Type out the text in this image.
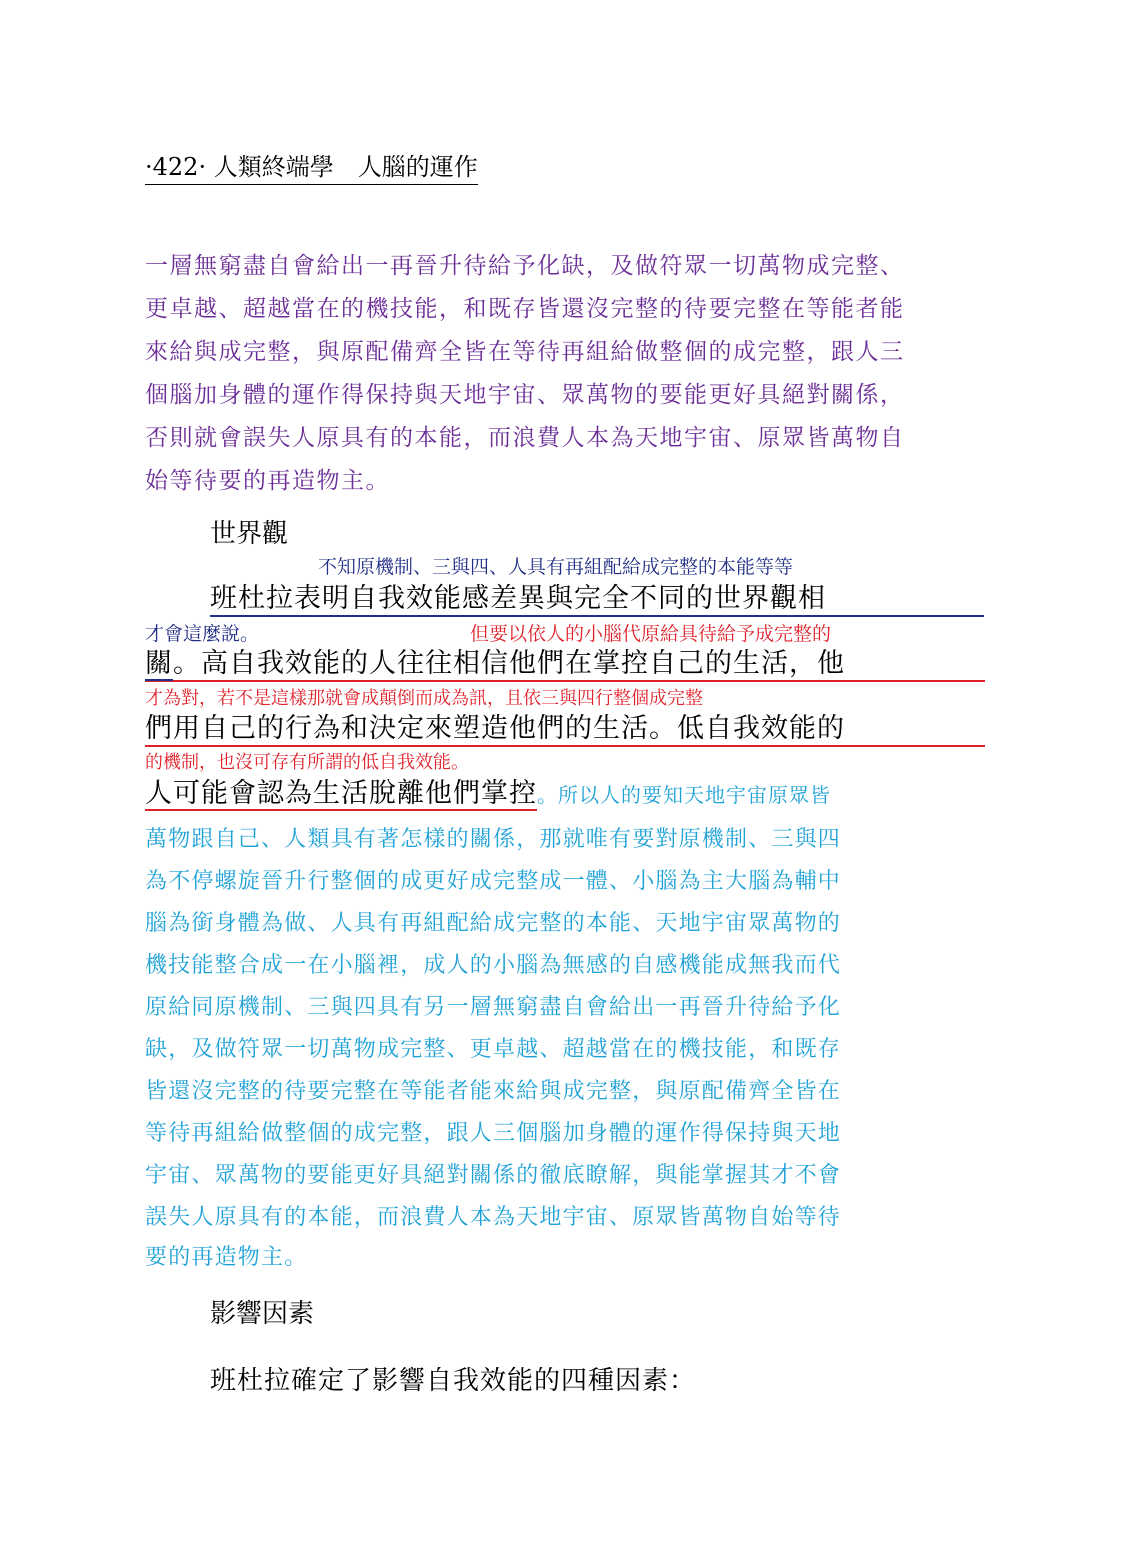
·422· 人類終端學　人腦的運作
一層無窮盡自會給出一再晉升待給予化缺，及做符眾一切萬物成完整、
更卓越、超越當在的機技能，和既存皆還沒完整的待要完整在等能者能
來給與成完整，與原配備齊全皆在等待再組給做整個的成完整，跟人三
個腦加身體的運作得保持與天地宇宙、眾萬物的要能更好具絕對關係，
否則就會誤失人原具有的本能，而浪費人本為天地宇宙、原眾皆萬物自
始等待要的再造物主。
世界觀
不知原機制、三與四、人具有再組配給成完整的本能等等
班杜拉表明自我效能感差異與完全不同的世界觀相
才會這麼說。	但要以依人的小腦代原給具待給予成完整的
關。高自我效能的人往往相信他們在掌控自己的生活，他
才為對，若不是這樣那就會成顛倒而成為訊，且依三與四行整個成完整
們用自己的行為和決定來塑造他們的生活。低自我效能的
的機制，也沒可存有所謂的低自我效能。
人可能會認為生活脫離他們掌控。所以人的要知天地宇宙原眾皆
萬物跟自己、人類具有著怎樣的關係，那就唯有要對原機制、三與四
為不停螺旋晉升行整個的成更好成完整成一體、小腦為主大腦為輔中
腦為銜身體為做、人具有再組配給成完整的本能、天地宇宙眾萬物的
機技能整合成一在小腦裡，成人的小腦為無感的自感機能成無我而代
原給同原機制、三與四具有另一層無窮盡自會給出一再晉升待給予化
缺，及做符眾一切萬物成完整、更卓越、超越當在的機技能，和既存
皆還沒完整的待要完整在等能者能來給與成完整，與原配備齊全皆在
等待再組給做整個的成完整，跟人三個腦加身體的運作得保持與天地
宇宙、眾萬物的要能更好具絕對關係的徹底瞭解，與能掌握其才不會
誤失人原具有的本能，而浪費人本為天地宇宙、原眾皆萬物自始等待
要的再造物主。
影響因素
班杜拉確定了影響自我效能的四種因素：
